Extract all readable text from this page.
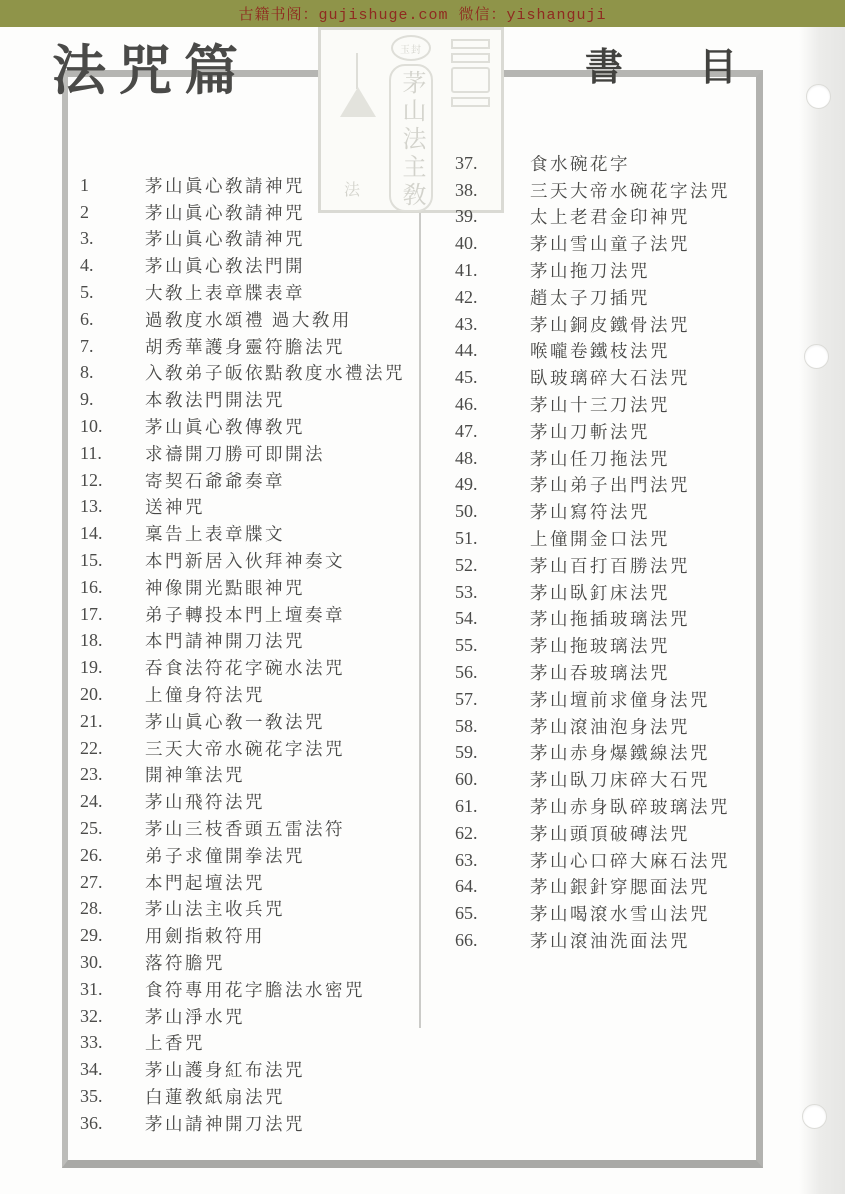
古籍书阁：gujishuge.com 微信：yishanguji
法咒篇	書 目
法
玉封
茅山法主敎
1	茅山眞心敎請神咒
2	茅山眞心敎請神咒
3.	茅山眞心敎請神咒
4.	茅山眞心敎法門開
5.	大敎上表章牒表章
6.	過敎度水頌禮 過大敎用
7.	胡秀華護身靈符膽法咒
8.	入敎弟子皈依點敎度水禮法咒
9.	本敎法門開法咒
10.	茅山眞心敎傳敎咒
11.	求禱開刀勝可即開法
12.	寄契石爺爺奏章
13.	送神咒
14.	稟告上表章牒文
15.	本門新居入伙拜神奏文
16.	神像開光點眼神咒
17.	弟子轉投本門上壇奏章
18.	本門請神開刀法咒
19.	吞食法符花字碗水法咒
20.	上僮身符法咒
21.	茅山眞心敎一敎法咒
22.	三天大帝水碗花字法咒
23.	開神筆法咒
24.	茅山飛符法咒
25.	茅山三枝香頭五雷法符
26.	弟子求僮開拳法咒
27.	本門起壇法咒
28.	茅山法主收兵咒
29.	用劍指敕符用
30.	落符膽咒
31.	食符專用花字膽法水密咒
32.	茅山淨水咒
33.	上香咒
34.	茅山護身紅布法咒
35.	白蓮敎紙扇法咒
36.	茅山請神開刀法咒
37.	食水碗花字
38.	三天大帝水碗花字法咒
39.	太上老君金印神咒
40.	茅山雪山童子法咒
41.	茅山拖刀法咒
42.	趙太子刀插咒
43.	茅山銅皮鐵骨法咒
44.	喉嚨卷鐵枝法咒
45.	臥玻璃碎大石法咒
46.	茅山十三刀法咒
47.	茅山刀斬法咒
48.	茅山任刀拖法咒
49.	茅山弟子出門法咒
50.	茅山寫符法咒
51.	上僮開金口法咒
52.	茅山百打百勝法咒
53.	茅山臥釘床法咒
54.	茅山拖插玻璃法咒
55.	茅山拖玻璃法咒
56.	茅山吞玻璃法咒
57.	茅山壇前求僮身法咒
58.	茅山滾油泡身法咒
59.	茅山赤身爆鐵線法咒
60.	茅山臥刀床碎大石咒
61.	茅山赤身臥碎玻璃法咒
62.	茅山頭頂破磚法咒
63.	茅山心口碎大麻石法咒
64.	茅山銀針穿腮面法咒
65.	茅山喝滾水雪山法咒
66.	茅山滾油洗面法咒
